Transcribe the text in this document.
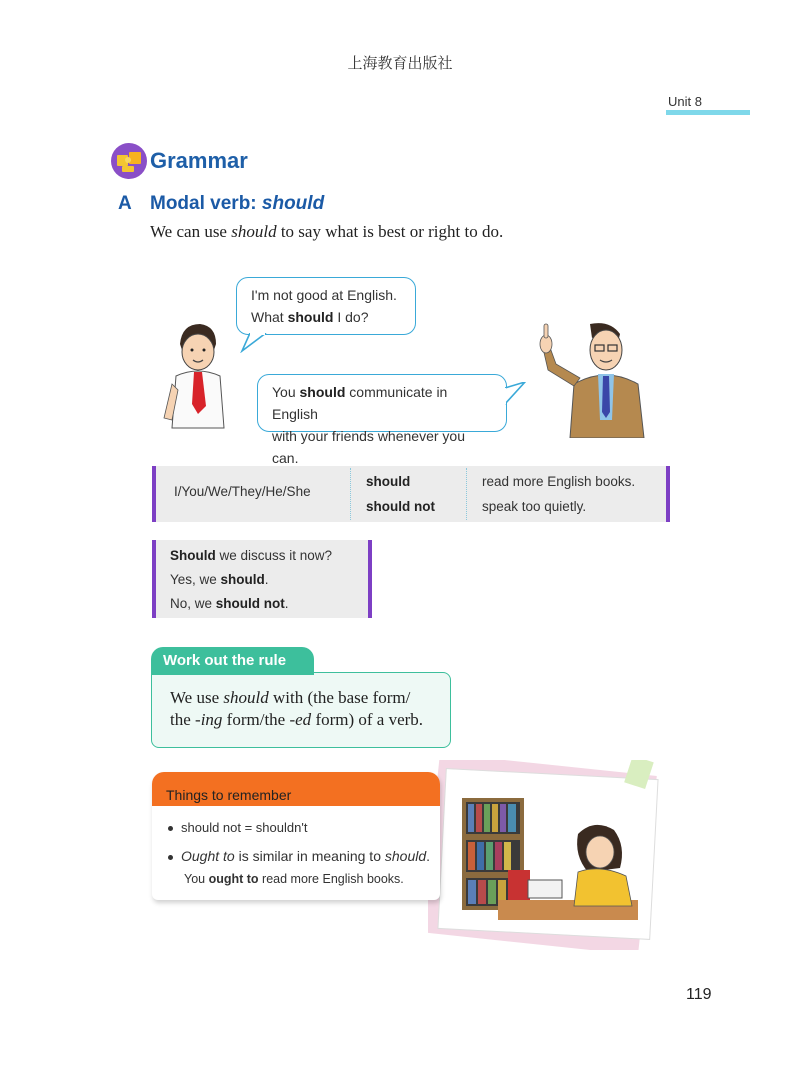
上海教育出版社
Unit 8
Grammar
A Modal verb: should
We can use should to say what is best or right to do.
I'm not good at English.
What should I do?
You should communicate in English
with your friends whenever you can.
I/You/We/They/He/She
should
should not
read more English books.
speak too quietly.
Should we discuss it now?
Yes, we should.
No, we should not.
We use should with (the base form/
the -ing form/the -ed form) of a verb.
Work out the rule
Things to remember
should not = shouldn't
Ought to is similar in meaning to should.
You ought to read more English books.
119
